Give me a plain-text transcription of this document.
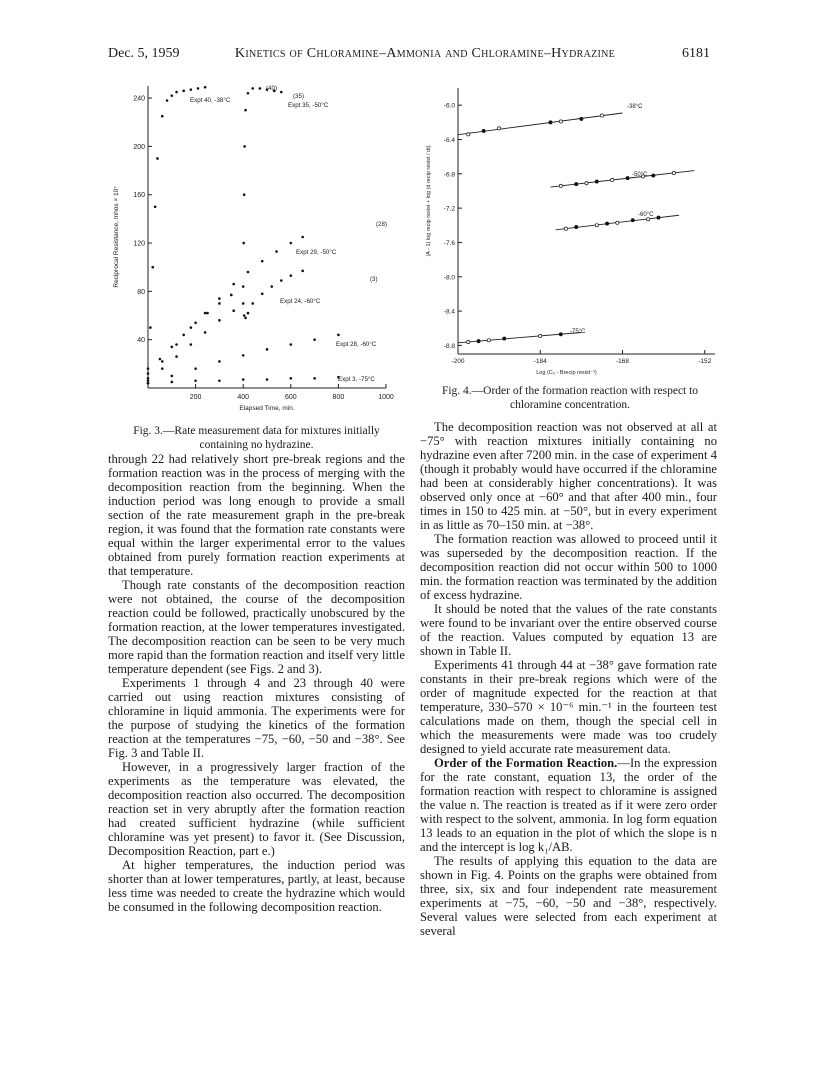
Dec. 5, 1959	Kinetics of Chloramine–Ammonia and Chloramine–Hydrazine	6181
200	400	600	800	1000
40
80
120
160
200
240
Elapsed Time, min.
Reciprocal Resistance, mhos × 10⁷
Expt 40, -38°C
(40)
(35)
Expt 35, -50°C
(28)
Expt 29, -50°C
(3)
Expt 24, -60°C
Expt 28, -60°C
Expt 3, -75°C
Fig. 3.—Rate measurement data for mixtures initially containing no hydrazine.
-200	-184	-168	-152
-6.0
-6.4
-6.8
-7.2
-7.6
-8.0
-8.4
-8.8
Log (C₀ - Brecip resist⁻¹)
(A - 1) log recip resist + log (d recip resist / dt)
-38°C
-50°C
-60°C
-75°C
Fig. 4.—Order of the formation reaction with respect to chloramine concentration.

through 22 had relatively short pre-break regions and the formation reaction was in the process of merging with the decomposition reaction from the beginning. When the induction period was long enough to provide a small section of the rate measurement graph in the pre-break region, it was found that the formation rate constants were equal within the larger experimental error to the values obtained from purely formation reaction experiments at that temperature.

Though rate constants of the decomposition reaction were not obtained, the course of the decomposition reaction could be followed, practically unobscured by the formation reaction, at the lower temperatures investigated. The decomposition reaction can be seen to be very much more rapid than the formation reaction and itself very little temperature dependent (see Figs. 2 and 3).

Experiments 1 through 4 and 23 through 40 were carried out using reaction mixtures consisting of chloramine in liquid ammonia. The experiments were for the purpose of studying the kinetics of the formation reaction at the temperatures −75, −60, −50 and −38°. See Fig. 3 and Table II.

However, in a progressively larger fraction of the experiments as the temperature was elevated, the decomposition reaction also occurred. The decomposition reaction set in very abruptly after the formation reaction had created sufficient hydrazine (while sufficient chloramine was yet present) to favor it. (See Discussion, Decomposition Reaction, part e.)

At higher temperatures, the induction period was shorter than at lower temperatures, partly, at least, because less time was needed to create the hydrazine which would be consumed in the following decomposition reaction.

The decomposition reaction was not observed at all at −75° with reaction mixtures initially containing no hydrazine even after 7200 min. in the case of experiment 4 (though it probably would have occurred if the chloramine had been at considerably higher concentrations). It was observed only once at −60° and that after 400 min., four times in 150 to 425 min. at −50°, but in every experiment in as little as 70–150 min. at −38°.

The formation reaction was allowed to proceed until it was superseded by the decomposition reaction. If the decomposition reaction did not occur within 500 to 1000 min. the formation reaction was terminated by the addition of excess hydrazine.

It should be noted that the values of the rate constants were found to be invariant over the entire observed course of the reaction. Values computed by equation 13 are shown in Table II.

Experiments 41 through 44 at −38° gave formation rate constants in their pre-break regions which were of the order of magnitude expected for the reaction at that temperature, 330–570 × 10⁻⁶ min.⁻¹ in the fourteen test calculations made on them, though the special cell in which the measurements were made was too crudely designed to yield accurate rate measurement data.

Order of the Formation Reaction.—In the expression for the rate constant, equation 13, the order of the formation reaction with respect to chloramine is assigned the value n. The reaction is treated as if it were zero order with respect to the solvent, ammonia. In log form equation 13 leads to an equation in the plot of which the slope is n and the intercept is log k₁/AB.

The results of applying this equation to the data are shown in Fig. 4. Points on the graphs were obtained from three, six, six and four independent rate measurement experiments at −75, −60, −50 and −38°, respectively. Several values were selected from each experiment at several
